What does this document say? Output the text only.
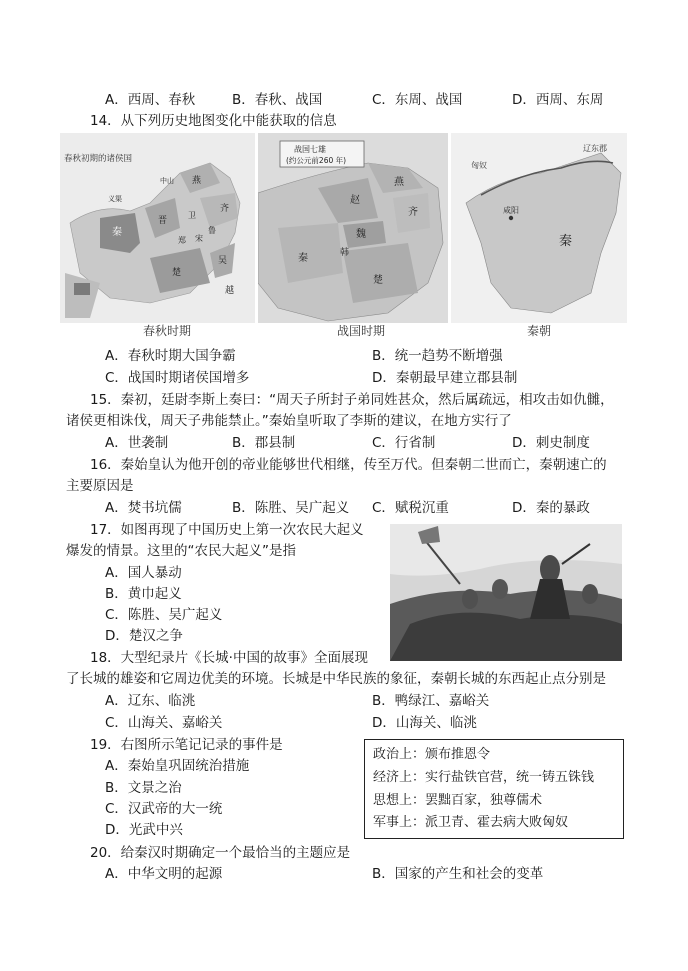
A．西周、春秋	B．春秋、战国	C．东周、战国	D．西周、东周
14．从下列历史地图变化中能获取的信息
春秋初期的诸侯国
燕
齐
晋
秦
楚
吴
越
鲁
郑 宋
卫
中山
义渠
战国七雄
(约公元前260 年)
燕
赵
齐
魏
韩
秦
楚
匈奴
辽东郡
咸阳
秦
春秋时期	战国时期	秦朝
A．春秋时期大国争霸	B．统一趋势不断增强
C．战国时期诸侯国增多	D．秦朝最早建立郡县制
15．秦初，廷尉李斯上奏曰：“周天子所封子弟同姓甚众，然后属疏远，相攻击如仇雠，
诸侯更相诛伐，周天子弗能禁止。”秦始皇听取了李斯的建议，在地方实行了
A．世袭制	B．郡县制	C．行省制	D．刺史制度
16．秦始皇认为他开创的帝业能够世代相继，传至万代。但秦朝二世而亡，秦朝速亡的
主要原因是
A．焚书坑儒	B．陈胜、吴广起义 C．赋税沉重	D．秦的暴政
17．如图再现了中国历史上第一次农民大起义
爆发的情景。这里的“农民大起义”是指
A．国人暴动
B．黄巾起义
C．陈胜、吴广起义
D．楚汉之争
18．大型纪录片《长城·中国的故事》全面展现
了长城的雄姿和它周边优美的环境。长城是中华民族的象征，秦朝长城的东西起止点分别是
A．辽东、临洮	B．鸭绿江、嘉峪关
C．山海关、嘉峪关	D．山海关、临洮
19．右图所示笔记记录的事件是
A．秦始皇巩固统治措施
B．文景之治
C．汉武帝的大一统
D．光武中兴
政治上：颁布推恩令
经济上：实行盐铁官营，统一铸五铢钱
思想上：罢黜百家，独尊儒术
军事上：派卫青、霍去病大败匈奴
20．给秦汉时期确定一个最恰当的主题应是
A．中华文明的起源	B．国家的产生和社会的变革
